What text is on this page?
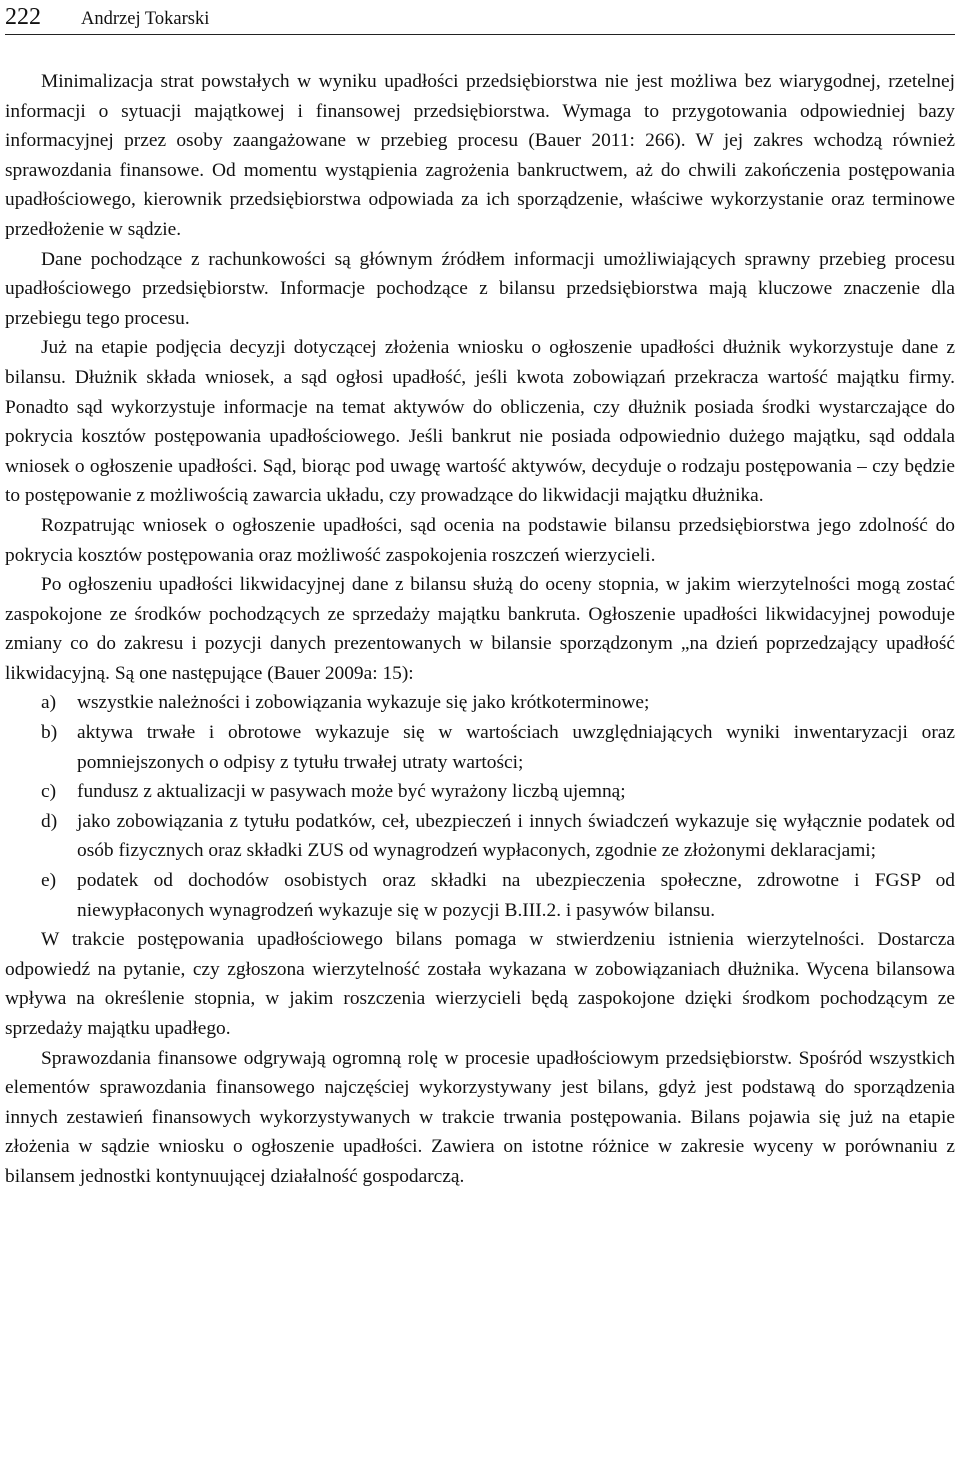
222	Andrzej Tokarski

Minimalizacja strat powstałych w wyniku upadłości przedsiębiorstwa nie jest możliwa bez wiarygodnej, rzetelnej informacji o sytuacji majątkowej i finansowej przedsiębiorstwa. Wymaga to przygotowania odpowiedniej bazy informacyjnej przez osoby zaangażowane w przebieg procesu (Bauer 2011: 266). W jej zakres wchodzą również sprawozdania finansowe. Od momentu wystąpienia zagrożenia bankructwem, aż do chwili zakończenia postępowania upadłościowego, kierownik przedsiębiorstwa odpowiada za ich sporządzenie, właściwe wykorzystanie oraz terminowe przedłożenie w sądzie.

Dane pochodzące z rachunkowości są głównym źródłem informacji umożliwiających sprawny przebieg procesu upadłościowego przedsiębiorstw. Informacje pochodzące z bilansu przedsiębiorstwa mają kluczowe znaczenie dla przebiegu tego procesu.

Już na etapie podjęcia decyzji dotyczącej złożenia wniosku o ogłoszenie upadłości dłużnik wykorzystuje dane z bilansu. Dłużnik składa wniosek, a sąd ogłosi upadłość, jeśli kwota zobowiązań przekracza wartość majątku firmy. Ponadto sąd wykorzystuje informacje na temat aktywów do obliczenia, czy dłużnik posiada środki wystarczające do pokrycia kosztów postępowania upadłościowego. Jeśli bankrut nie posiada odpowiednio dużego majątku, sąd oddala wniosek o ogłoszenie upadłości. Sąd, biorąc pod uwagę wartość aktywów, decyduje o rodzaju postępowania – czy będzie to postępowanie z możliwością zawarcia układu, czy prowadzące do likwidacji majątku dłużnika.

Rozpatrując wniosek o ogłoszenie upadłości, sąd ocenia na podstawie bilansu przedsiębiorstwa jego zdolność do pokrycia kosztów postępowania oraz możliwość zaspokojenia roszczeń wierzycieli.

Po ogłoszeniu upadłości likwidacyjnej dane z bilansu służą do oceny stopnia, w jakim wierzytelności mogą zostać zaspokojone ze środków pochodzących ze sprzedaży majątku bankruta. Ogłoszenie upadłości likwidacyjnej powoduje zmiany co do zakresu i pozycji danych prezentowanych w bilansie sporządzonym „na dzień poprzedzający upadłość likwidacyjną. Są one następujące (Bauer 2009a: 15):

a)	wszystkie należności i zobowiązania wykazuje się jako krótkoterminowe;
b)	aktywa trwałe i obrotowe wykazuje się w wartościach uwzględniających wyniki inwentaryzacji oraz pomniejszonych o odpisy z tytułu trwałej utraty wartości;
c)	fundusz z aktualizacji w pasywach może być wyrażony liczbą ujemną;
d)	jako zobowiązania z tytułu podatków, ceł, ubezpieczeń i innych świadczeń wykazuje się wyłącznie podatek od osób fizycznych oraz składki ZUS od wynagrodzeń wypłaconych, zgodnie ze złożonymi deklaracjami;
e)	podatek od dochodów osobistych oraz składki na ubezpieczenia społeczne, zdrowotne i FGSP od niewypłaconych wynagrodzeń wykazuje się w pozycji B.III.2. i pasywów bilansu.

W trakcie postępowania upadłościowego bilans pomaga w stwierdzeniu istnienia wierzytelności. Dostarcza odpowiedź na pytanie, czy zgłoszona wierzytelność została wykazana w zobowiązaniach dłużnika. Wycena bilansowa wpływa na określenie stopnia, w jakim roszczenia wierzycieli będą zaspokojone dzięki środkom pochodzącym ze sprzedaży majątku upadłego.

Sprawozdania finansowe odgrywają ogromną rolę w procesie upadłościowym przedsiębiorstw. Spośród wszystkich elementów sprawozdania finansowego najczęściej wykorzystywany jest bilans, gdyż jest podstawą do sporządzenia innych zestawień finansowych wykorzystywanych w trakcie trwania postępowania. Bilans pojawia się już na etapie złożenia w sądzie wniosku o ogłoszenie upadłości. Zawiera on istotne różnice w zakresie wyceny w porównaniu z bilansem jednostki kontynuującej działalność gospodarczą.
